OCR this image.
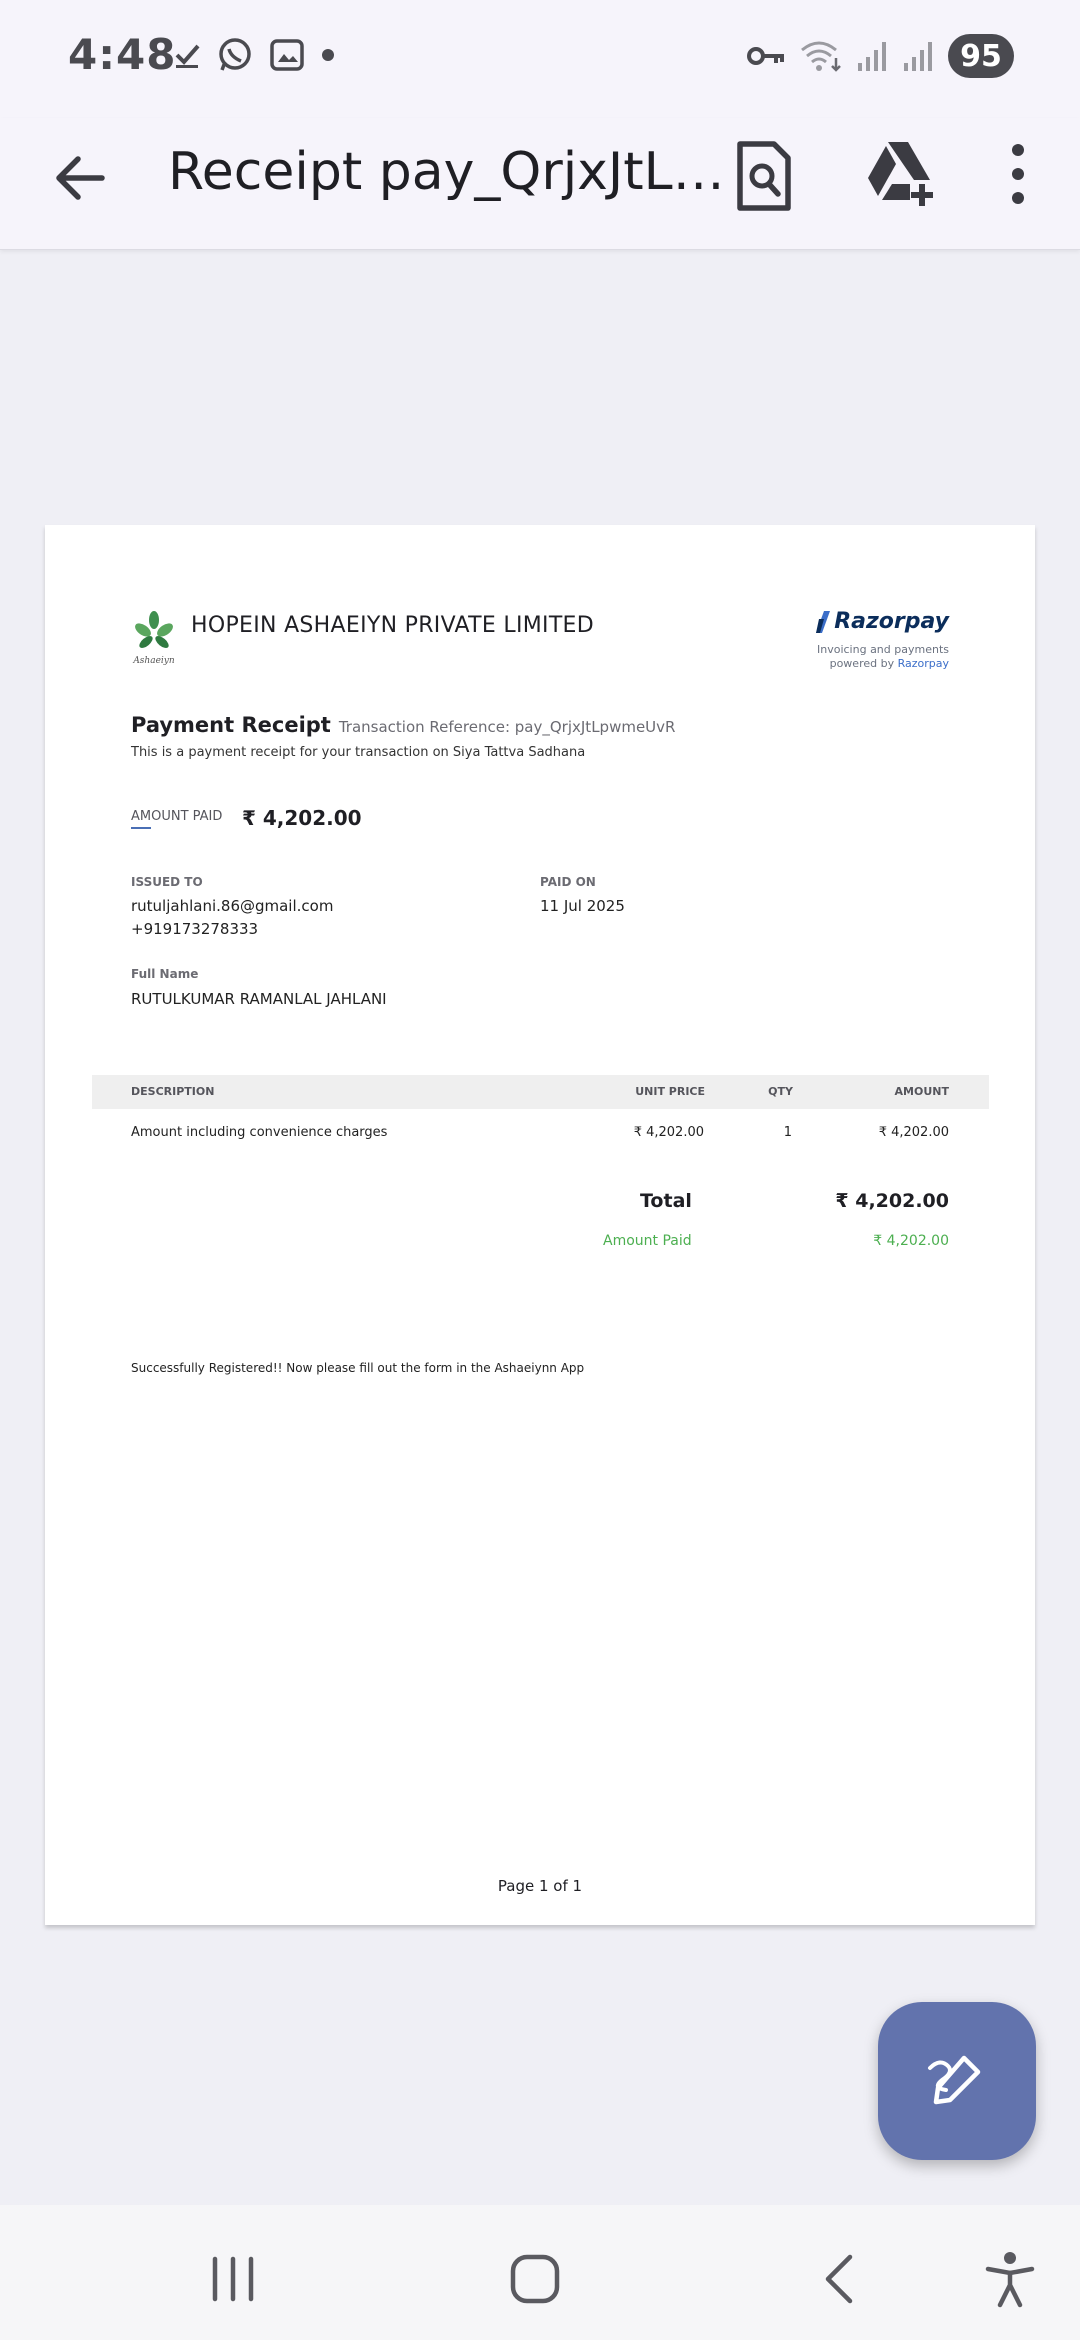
4:48	95
Receipt pay_QrjxJtL…
Ashaeiyn
HOPEIN ASHAEIYN PRIVATE LIMITED	Razorpay
Invoicing and payments
powered by Razorpay
Payment Receipt Transaction Reference: pay_QrjxJtLpwmeUvR
This is a payment receipt for your transaction on Siya Tattva Sadhana
AMOUNT PAID ₹ 4,202.00
ISSUED TO
rutuljahlani.86@gmail.com
+919173278333
PAID ON
11 Jul 2025
Full Name
RUTULKUMAR RAMANLAL JAHLANI
DESCRIPTION	UNIT PRICE	QTY	AMOUNT
Amount including convenience charges	₹ 4,202.00	1	₹ 4,202.00
Total	₹ 4,202.00
Amount Paid	₹ 4,202.00
Successfully Registered!! Now please fill out the form in the Ashaeiynn App
Page 1 of 1
